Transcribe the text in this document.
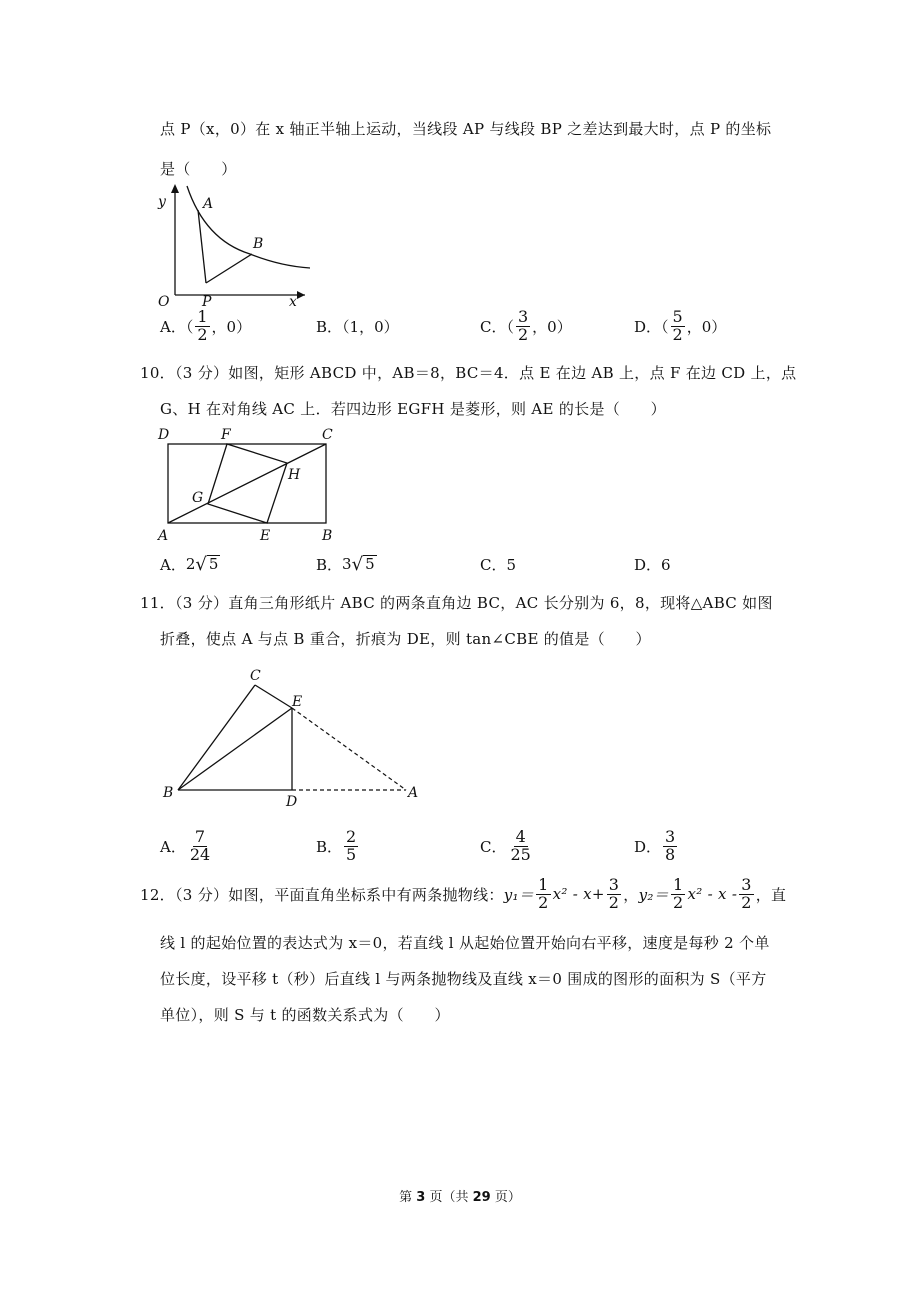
点 P（x，0）在 x 轴正半轴上运动，当线段 AP 与线段 BP 之差达到最大时，点 P 的坐标
是（　　）
y	A
B
O P	x
A．（ $\frac{1}{2}$ ，0）	B．（1，0）	C．（ $\frac{3}{2}$ ，0）	D．（ $\frac{5}{2}$ ，0）
10．（3 分）如图，矩形 ABCD 中，AB＝8，BC＝4．点 E 在边 AB 上，点 F 在边 CD 上，点
G、H 在对角线 AC 上．若四边形 EGFH 是菱形，则 AE 的长是（　　）
D	F	C
H
G
A	E	B
A． 2 √ 5	B． 3 √ 5	C．5	D．6
11．（3 分）直角三角形纸片 ABC 的两条直角边 BC，AC 长分别为 6，8，现将△ABC 如图
折叠，使点 A 与点 B 重合，折痕为 DE，则 tan∠CBE 的值是（　　）
C
E
B
D
A
A． $\frac{7}{24}$	B． $\frac{2}{5}$	C． $\frac{4}{25}$	D． $\frac{3}{8}$
12．（3 分）如图，平面直角坐标系中有两条抛物线： $y_1= \frac{1}{2} x^2 - x+ \frac{3}{2}$ ， $y_2= \frac{1}{2} x^2 - x - \frac{3}{2}$ ，直
线 l 的起始位置的表达式为 x＝0，若直线 l 从起始位置开始向右平移，速度是每秒 2 个单
位长度，设平移 t（秒）后直线 l 与两条抛物线及直线 x＝0 围成的图形的面积为 S（平方
单位），则 S 与 t 的函数关系式为（　　）
第 3 页（共 29 页）
